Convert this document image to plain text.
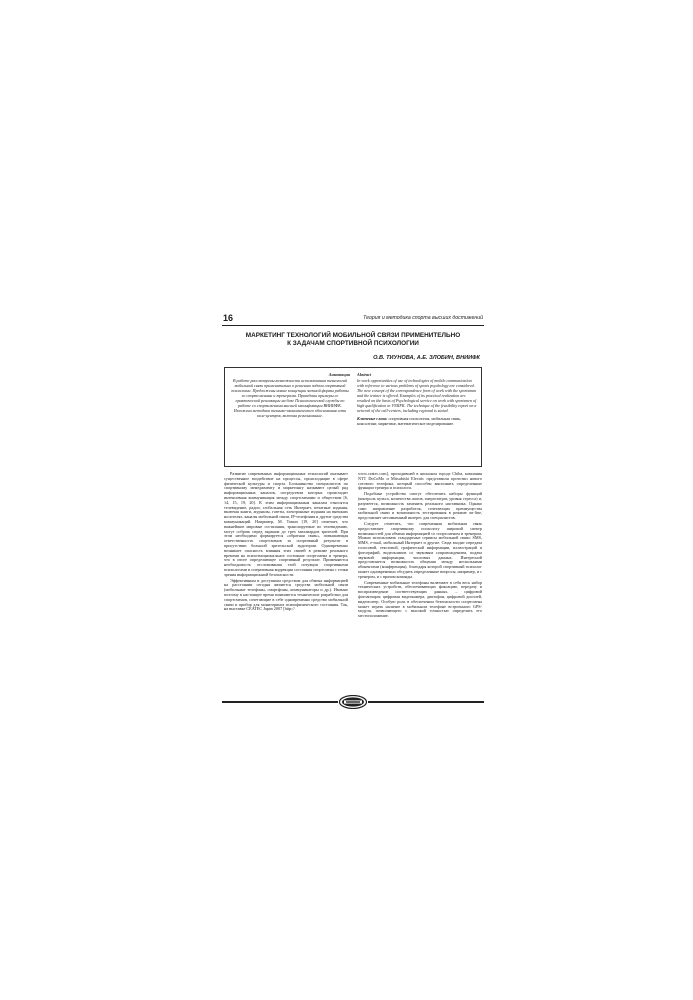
16	Теория и методика спорта высших достижений
МАРКЕТИНГ ТЕХНОЛОГИЙ МОБИЛЬНОЙ СВЯЗИ ПРИМЕНИТЕЛЬНО
К ЗАДАЧАМ СПОРТИВНОЙ ПСИХОЛОГИИ
О.В. ТИУНОВА, А.Е. ЗЛОБИН, ВНИИФК
Аннотация
В работе рассмотрены возможности использования технологий мобильной связи применительно к решению задачи спортивной психологии. Предложены новые концепции заочной формы работы со спортсменами и тренерами. Приведены примеры ее практической реализации на базе Психологической службы по работе со спортсменами высшей квалификации ВНИИФК. Изложена методика технико-экономического обоснования сети колл-центров, включая региональные.
Abstract
In work opportunities of use of technologies of mobile communication with reference to various problems of sports psychology are considered. The new concept of the correspondence form of work with the sportsman and the trainer is offered. Examples of its practical realization are resulted on the basis of Psychological service on work with sportsmen of high qualification in VNIIFK. The technique of the feasibility report on a network of the call-centers, including regional is stated.
Ключевые слова: спортивная психология, мобильная связь, консалтинг, маркетинг, математическое моделирование.

Развитие современных информационных технологий оказывает существенное воздействие на процессы, происходящие в сфере физической культуры и спорта. Большинство специалистов по спортивному менеджменту и маркетингу называют целый ряд информационных каналов, посредством которых происходит интенсивная коммуникация между спортсменами и обществом [6, 14, 15, 19, 20]. К этим информационным каналам относятся телевидение, радио, глобальная сеть Интернет, печатные издания, включая книги, журналы, газеты, электронные издания на внешних носителях, каналы мобильной связи, IP-телефония и другие средства коммуникаций. Например, М. Томич [19, 20] отмечает, что важнейшие мировые состязания, транслируемые по телевидению, могут собрать перед экраном до трех миллиардов зрителей. При этом необходимо формируется «обратная связь», повышающая ответственность спортсменов за спортивный результат в присутствии большой зрительской аудитории. Одновременно возникает опасность влияния этих связей в режиме реального времени на психоэмоциональное состояние спортсмена и тренера, что в итоге определяющее спортивный результат. Применяются необходимость отслеживания этой ситуации спортивными психологами и оперативная коррекция состояния спортсмена с точки зрения информационной безопасности.

Эффективным и доступным средством для обмена информацией на расстоянии сегодня являются средства мобильной связи (мобильные телефоны, смартфоны, коммуникаторы и др.). Именно поэтому в настоящее время появляются технические разработки для спортсменов, сочетающие в себе одновременно средство мобильной связи и прибор для мониторинга психофизического состояния. Так, на выставке CEATEC Japan 2007 [http://

www.ceatec.com], проходившей в японском городе Chiba, компания NTT DoCoMo и Mitsubishi Electric представили прототип нового сотового телефона, который способен выполнять определенные функции тренера и психолога.

Подобные устройства смогут обеспечить наборы функций (контроль пульса, количества шагов, энергозатрат, уровня стресса) и, разумеется, возможность заменить реального наставника. Однако само направление разработок, сочетающих преимущества мобильной связи и возможность тестирования в режиме on-line, представляет несомненный интерес для специалистов.

Следует отметить, что современная мобильная связь предоставляет спортивному психологу широкий спектр возможностей для обмена информацией со спортсменом и тренером. Можно использовать стандартные сервисы мобильной связи: SMS, MMS, e-mail, мобильный Интернет и другие. Сюда входит передача голосовой, текстовой, графической информации, иллюстраций и фотографий, видеоклипов со звуковым сопровождением, подача звуковой информации, числовых данных. Интересной представляется возможность общения между несколькими абонентами (конференция), благодаря которой спортивный психолог может одновременно обсудить определенные вопросы, например, и с тренером, и с врачом команды.

Современные мобильные телефоны включают в себя весь набор технических устройств, обеспечивающих фиксацию, передачу и воспроизведение соответствующих данных, – цифровой фотоаппарат, цифровая видеокамера, диктофон, цифровой дисплей, видеоплеер. Особую роль в обеспечении безопасности спортсмена может играть наличие в мобильном телефоне встроенного GPS-модуля, позволяющего с высокой точностью определять его местоположение.
